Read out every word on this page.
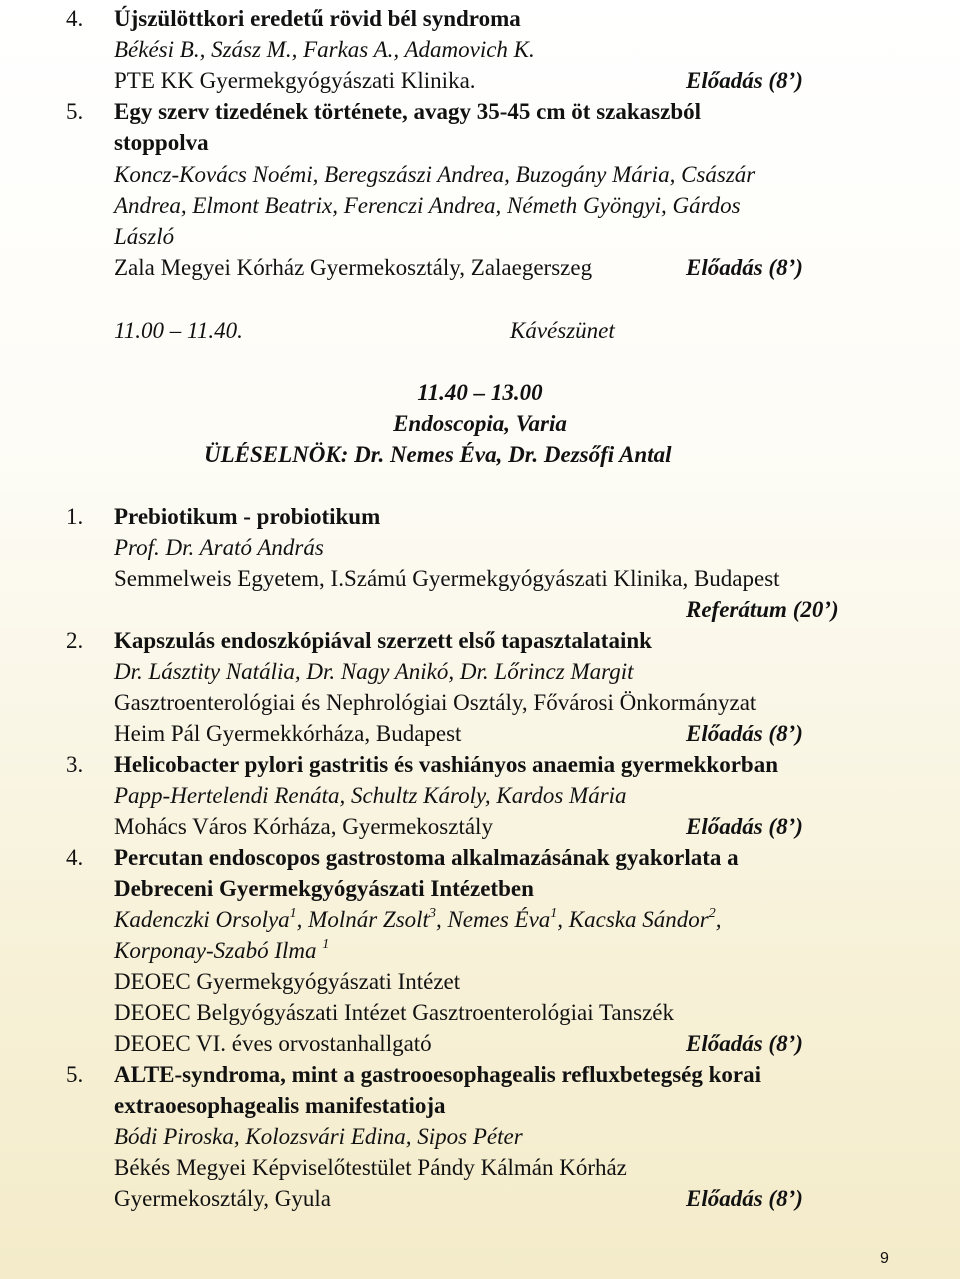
4. Újszülöttkori eredetű rövid bél syndroma
Békési B., Szász M., Farkas A., Adamovich K.
PTE KK Gyermekgyógyászati Klinika.	Előadás (8’)
5. Egy szerv tizedének története, avagy 35-45 cm öt szakaszból
stoppolva
Koncz-Kovács Noémi, Beregszászi Andrea, Buzogány Mária, Császár
Andrea, Elmont Beatrix, Ferenczi Andrea, Németh Gyöngyi, Gárdos
László
Zala Megyei Kórház Gyermekosztály, Zalaegerszeg	Előadás (8’)
11.00 – 11.40.	Kávészünet
11.40 – 13.00
Endoscopia, Varia
ÜLÉSELNÖK: Dr. Nemes Éva, Dr. Dezsőfi Antal
1. Prebiotikum - probiotikum
Prof. Dr. Arató András
Semmelweis Egyetem, I.Számú Gyermekgyógyászati Klinika, Budapest
Referátum (20’)
2. Kapszulás endoszkópiával szerzett első tapasztalataink
Dr. Lásztity Natália, Dr. Nagy Anikó, Dr. Lőrincz Margit
Gasztroenterológiai és Nephrológiai Osztály, Fővárosi Önkormányzat
Heim Pál Gyermekkórháza, Budapest	Előadás (8’)
3. Helicobacter pylori gastritis és vashiányos anaemia gyermekkorban
Papp-Hertelendi Renáta, Schultz Károly, Kardos Mária
Mohács Város Kórháza, Gyermekosztály	Előadás (8’)
4. Percutan endoscopos gastrostoma alkalmazásának gyakorlata a
Debreceni Gyermekgyógyászati Intézetben
Kadenczki Orsolya$^1$, Molnár Zsolt$^3$, Nemes Éva$^1$, Kacska Sándor$^2$,
Korponay-Szabó Ilma $^1$
DEOEC Gyermekgyógyászati Intézet
DEOEC Belgyógyászati Intézet Gasztroenterológiai Tanszék
DEOEC VI. éves orvostanhallgató	Előadás (8’)
5. ALTE-syndroma, mint a gastrooesophagealis refluxbetegség korai
extraoesophagealis manifestatioja
Bódi Piroska, Kolozsvári Edina, Sipos Péter
Békés Megyei Képviselőtestület Pándy Kálmán Kórház
Gyermekosztály, Gyula	Előadás (8’)
9
